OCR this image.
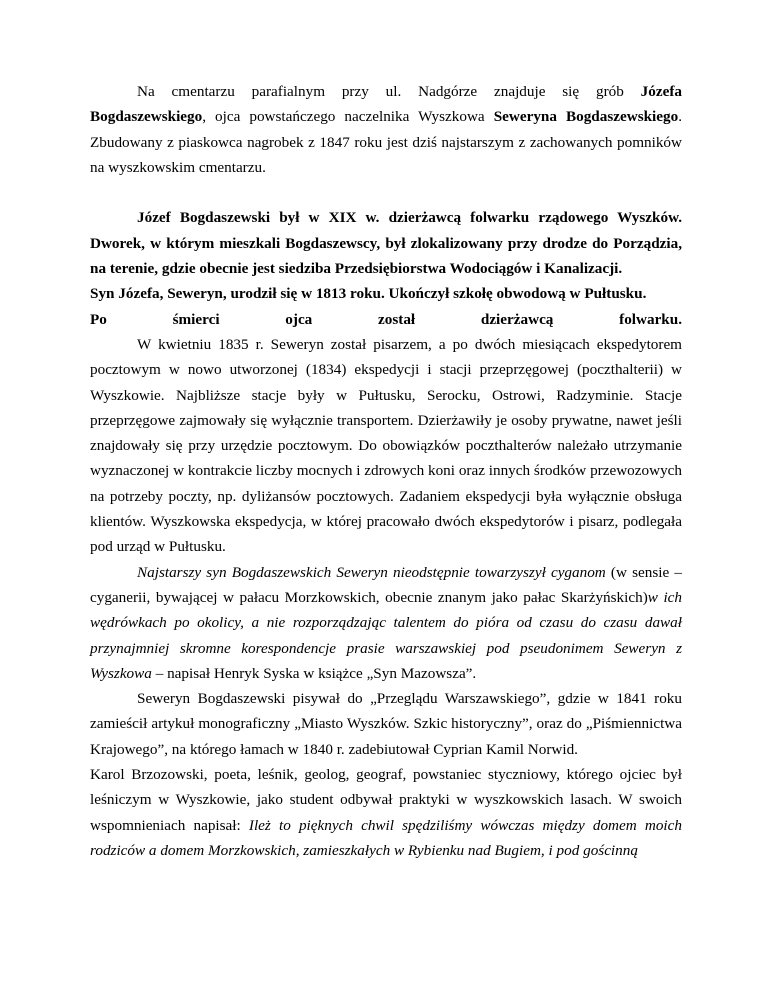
Na cmentarzu parafialnym przy ul. Nadgórze znajduje się grób Józefa Bogdaszewskiego, ojca powstańczego naczelnika Wyszkowa Seweryna Bogdaszewskiego. Zbudowany z piaskowca nagrobek z 1847 roku jest dziś najstarszym z zachowanych pomników na wyszkowskim cmentarzu.

Józef Bogdaszewski był w XIX w. dzierżawcą folwarku rządowego Wyszków. Dworek, w którym mieszkali Bogdaszewscy, był zlokalizowany przy drodze do Porządzia, na terenie, gdzie obecnie jest siedziba Przedsiębiorstwa Wodociągów i Kanalizacji.

Syn Józefa, Seweryn, urodził się w 1813 roku. Ukończył szkołę obwodową w Pułtusku.

Po śmierci ojca został dzierżawcą folwarku.

W kwietniu 1835 r. Seweryn został pisarzem, a po dwóch miesiącach ekspedytorem pocztowym w nowo utworzonej (1834) ekspedycji i stacji przeprzęgowej (poczthalterii) w Wyszkowie. Najbliższe stacje były w Pułtusku, Serocku, Ostrowi, Radzyminie. Stacje przeprzęgowe zajmowały się wyłącznie transportem. Dzierżawiły je osoby prywatne, nawet jeśli znajdowały się przy urzędzie pocztowym. Do obowiązków poczthalterów należało utrzymanie wyznaczonej w kontrakcie liczby mocnych i zdrowych koni oraz innych środków przewozowych na potrzeby poczty, np. dyliżansów pocztowych. Zadaniem ekspedycji była wyłącznie obsługa klientów. Wyszkowska ekspedycja, w której pracowało dwóch ekspedytorów i pisarz, podlegała pod urząd w Pułtusku.

Najstarszy syn Bogdaszewskich Seweryn nieodstępnie towarzyszył cyganom (w sensie – cyganerii, bywającej w pałacu Morzkowskich, obecnie znanym jako pałac Skarżyńskich)w ich wędrówkach po okolicy, a nie rozporządzając talentem do pióra od czasu do czasu dawał przynajmniej skromne korespondencje prasie warszawskiej pod pseudonimem Seweryn z Wyszkowa – napisał Henryk Syska w książce „Syn Mazowsza”.

Seweryn Bogdaszewski pisywał do „Przeglądu Warszawskiego”, gdzie w 1841 roku zamieścił artykuł monograficzny „Miasto Wyszków. Szkic historyczny”, oraz do „Piśmiennictwa Krajowego”, na którego łamach w 1840 r. zadebiutował Cyprian Kamil Norwid.

Karol Brzozowski, poeta, leśnik, geolog, geograf, powstaniec styczniowy, którego ojciec był leśniczym w Wyszkowie, jako student odbywał praktyki w wyszkowskich lasach. W swoich wspomnieniach napisał: Ileż to pięknych chwil spędziliśmy wówczas między domem moich rodziców a domem Morzkowskich, zamieszkałych w Rybienku nad Bugiem, i pod gościnną
